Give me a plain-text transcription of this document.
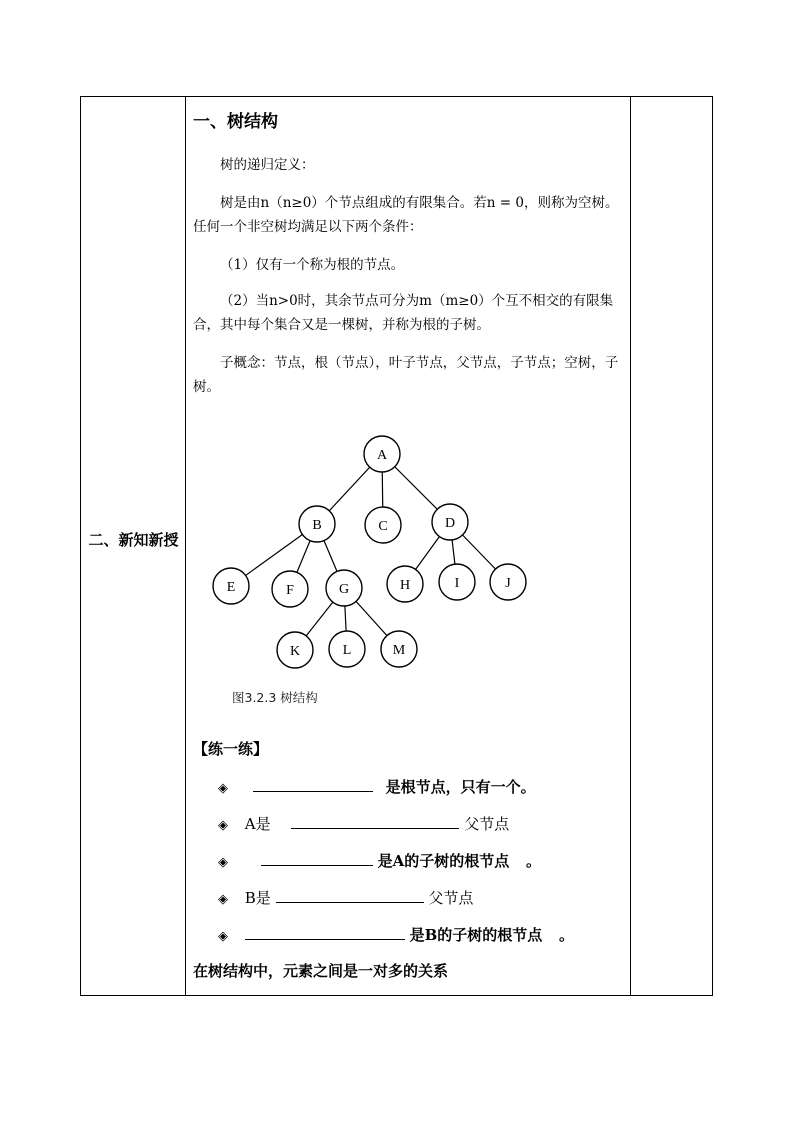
二、新知新授
一、树结构
树的递归定义：
树是由n（n≥0）个节点组成的有限集合。若n = 0，则称为空树。任何一个非空树均满足以下两个条件：
（1）仅有一个称为根的节点。
（2）当n>0时，其余节点可分为m（m≥0）个互不相交的有限集合，其中每个集合又是一棵树，并称为根的子树。
子概念：节点，根（节点），叶子节点，父节点，子节点；空树，子树。
A
B	C	D
E	F	G	H	I	J
K	L	M
图3.2.3 树结构
【练一练】
◈	是根节点，只有一个。
◈ A是	父节点
◈	是A的子树的根节点 。
◈ B是	父节点
◈	是B的子树的根节点 。
在树结构中，元素之间是一对多的关系
